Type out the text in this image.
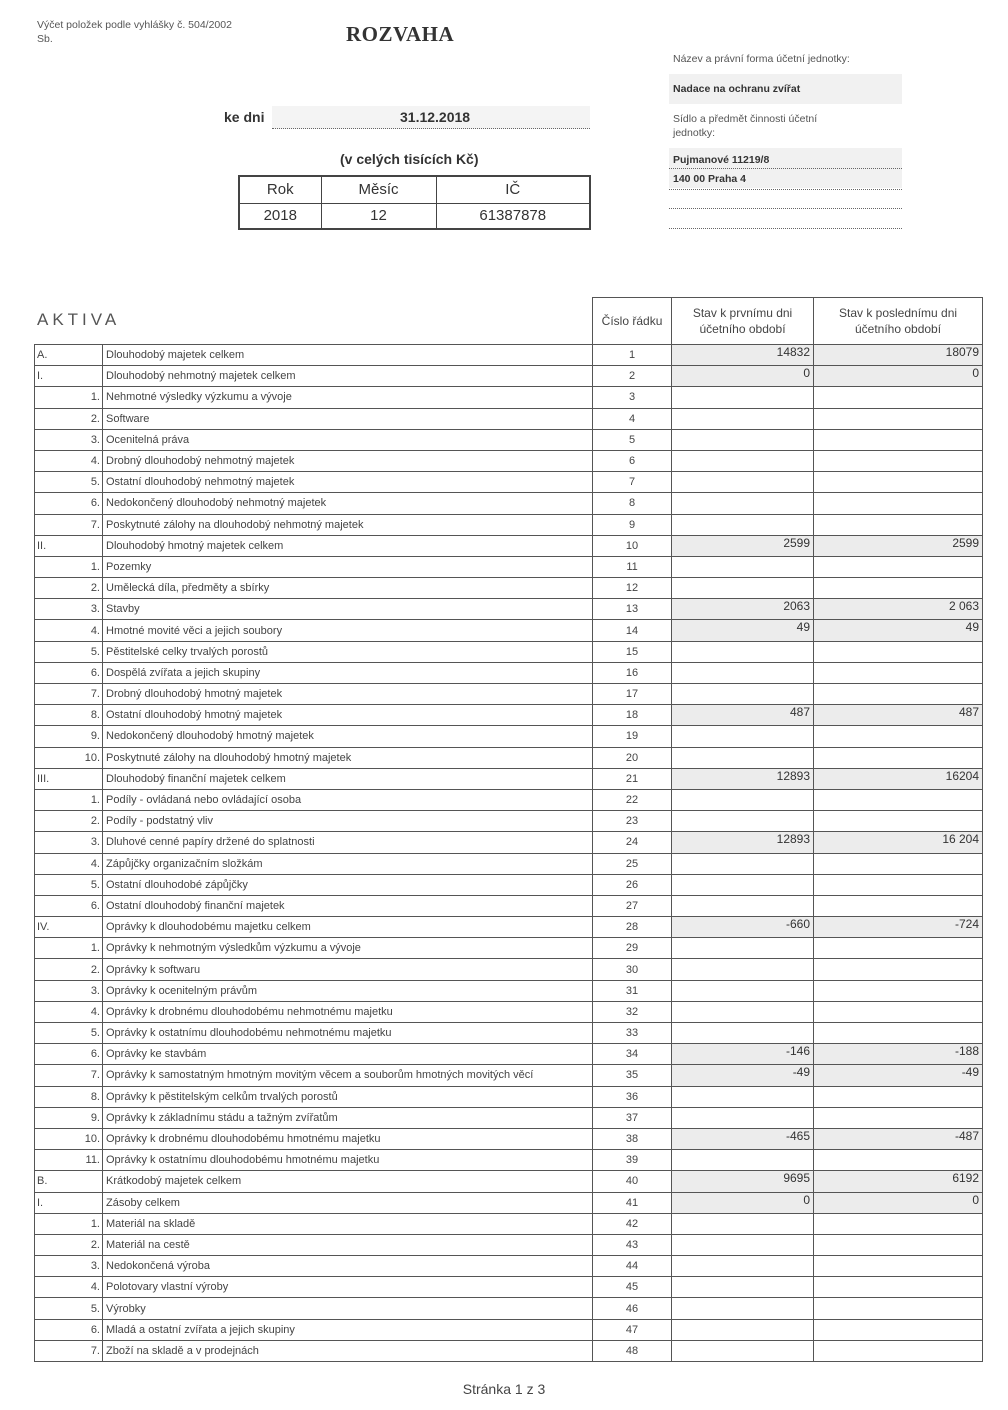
Výčet položek podle vyhlášky č. 504/2002 Sb.	ROZVAHA
ke dni	31.12.2018
(v celých tisících Kč)
Rok	Měsíc	IČ
2018	12	61387878
Název a právní forma účetní jednotky:
Nadace na ochranu zvířat
Sídlo a předmět činnosti účetní jednotky:
Pujmanové 11219/8
140 00 Praha 4
AKTIVA
			Číslo řádku	Stav k prvnímu dni účetního období	Stav k poslednímu dni účetního období
A.		Dlouhodobý majetek celkem	1	14832	18079
I.		Dlouhodobý nehmotný majetek celkem	2	0	0
	1.	Nehmotné výsledky výzkumu a vývoje	3		
	2.	Software	4		
	3.	Ocenitelná práva	5		
	4.	Drobný dlouhodobý nehmotný majetek	6		
	5.	Ostatní dlouhodobý nehmotný majetek	7		
	6.	Nedokončený dlouhodobý nehmotný majetek	8		
	7.	Poskytnuté zálohy na dlouhodobý nehmotný majetek	9		
II.		Dlouhodobý hmotný majetek celkem	10	2599	2599
	1.	Pozemky	11		
	2.	Umělecká díla, předměty a sbírky	12		
	3.	Stavby	13	2063	2 063
	4.	Hmotné movité věci a jejich soubory	14	49	49
	5.	Pěstitelské celky trvalých porostů	15		
	6.	Dospělá zvířata a jejich skupiny	16		
	7.	Drobný dlouhodobý hmotný majetek	17		
	8.	Ostatní dlouhodobý hmotný majetek	18	487	487
	9.	Nedokončený dlouhodobý hmotný majetek	19		
	10.	Poskytnuté zálohy na dlouhodobý hmotný majetek	20		
III.		Dlouhodobý finanční majetek celkem	21	12893	16204
	1.	Podíly - ovládaná nebo ovládající osoba	22		
	2.	Podíly - podstatný vliv	23		
	3.	Dluhové cenné papíry držené do splatnosti	24	12893	16 204
	4.	Zápůjčky organizačním složkám	25		
	5.	Ostatní dlouhodobé zápůjčky	26		
	6.	Ostatní dlouhodobý finanční majetek	27		
IV.		Oprávky k dlouhodobému majetku celkem	28	-660	-724
	1.	Oprávky k nehmotným výsledkům výzkumu a vývoje	29		
	2.	Oprávky k softwaru	30		
	3.	Oprávky k ocenitelným právům	31		
	4.	Oprávky k drobnému dlouhodobému nehmotnému majetku	32		
	5.	Oprávky k ostatnímu dlouhodobému nehmotnému majetku	33		
	6.	Oprávky ke stavbám	34	-146	-188
	7.	Oprávky k samostatným hmotným movitým věcem a souborům hmotných movitých věcí	35	-49	-49
	8.	Oprávky k pěstitelským celkům trvalých porostů	36		
	9.	Oprávky k základnímu stádu a tažným zvířatům	37		
	10.	Oprávky k drobnému dlouhodobému hmotnému majetku	38	-465	-487
	11.	Oprávky k ostatnímu dlouhodobému hmotnému majetku	39		
B.		Krátkodobý majetek celkem	40	9695	6192
I.		Zásoby celkem	41	0	0
	1.	Materiál na skladě	42		
	2.	Materiál na cestě	43		
	3.	Nedokončená výroba	44		
	4.	Polotovary vlastní výroby	45		
	5.	Výrobky	46		
	6.	Mladá a ostatní zvířata a jejich skupiny	47		
	7.	Zboží na skladě a v prodejnách	48		
Stránka 1 z 3
